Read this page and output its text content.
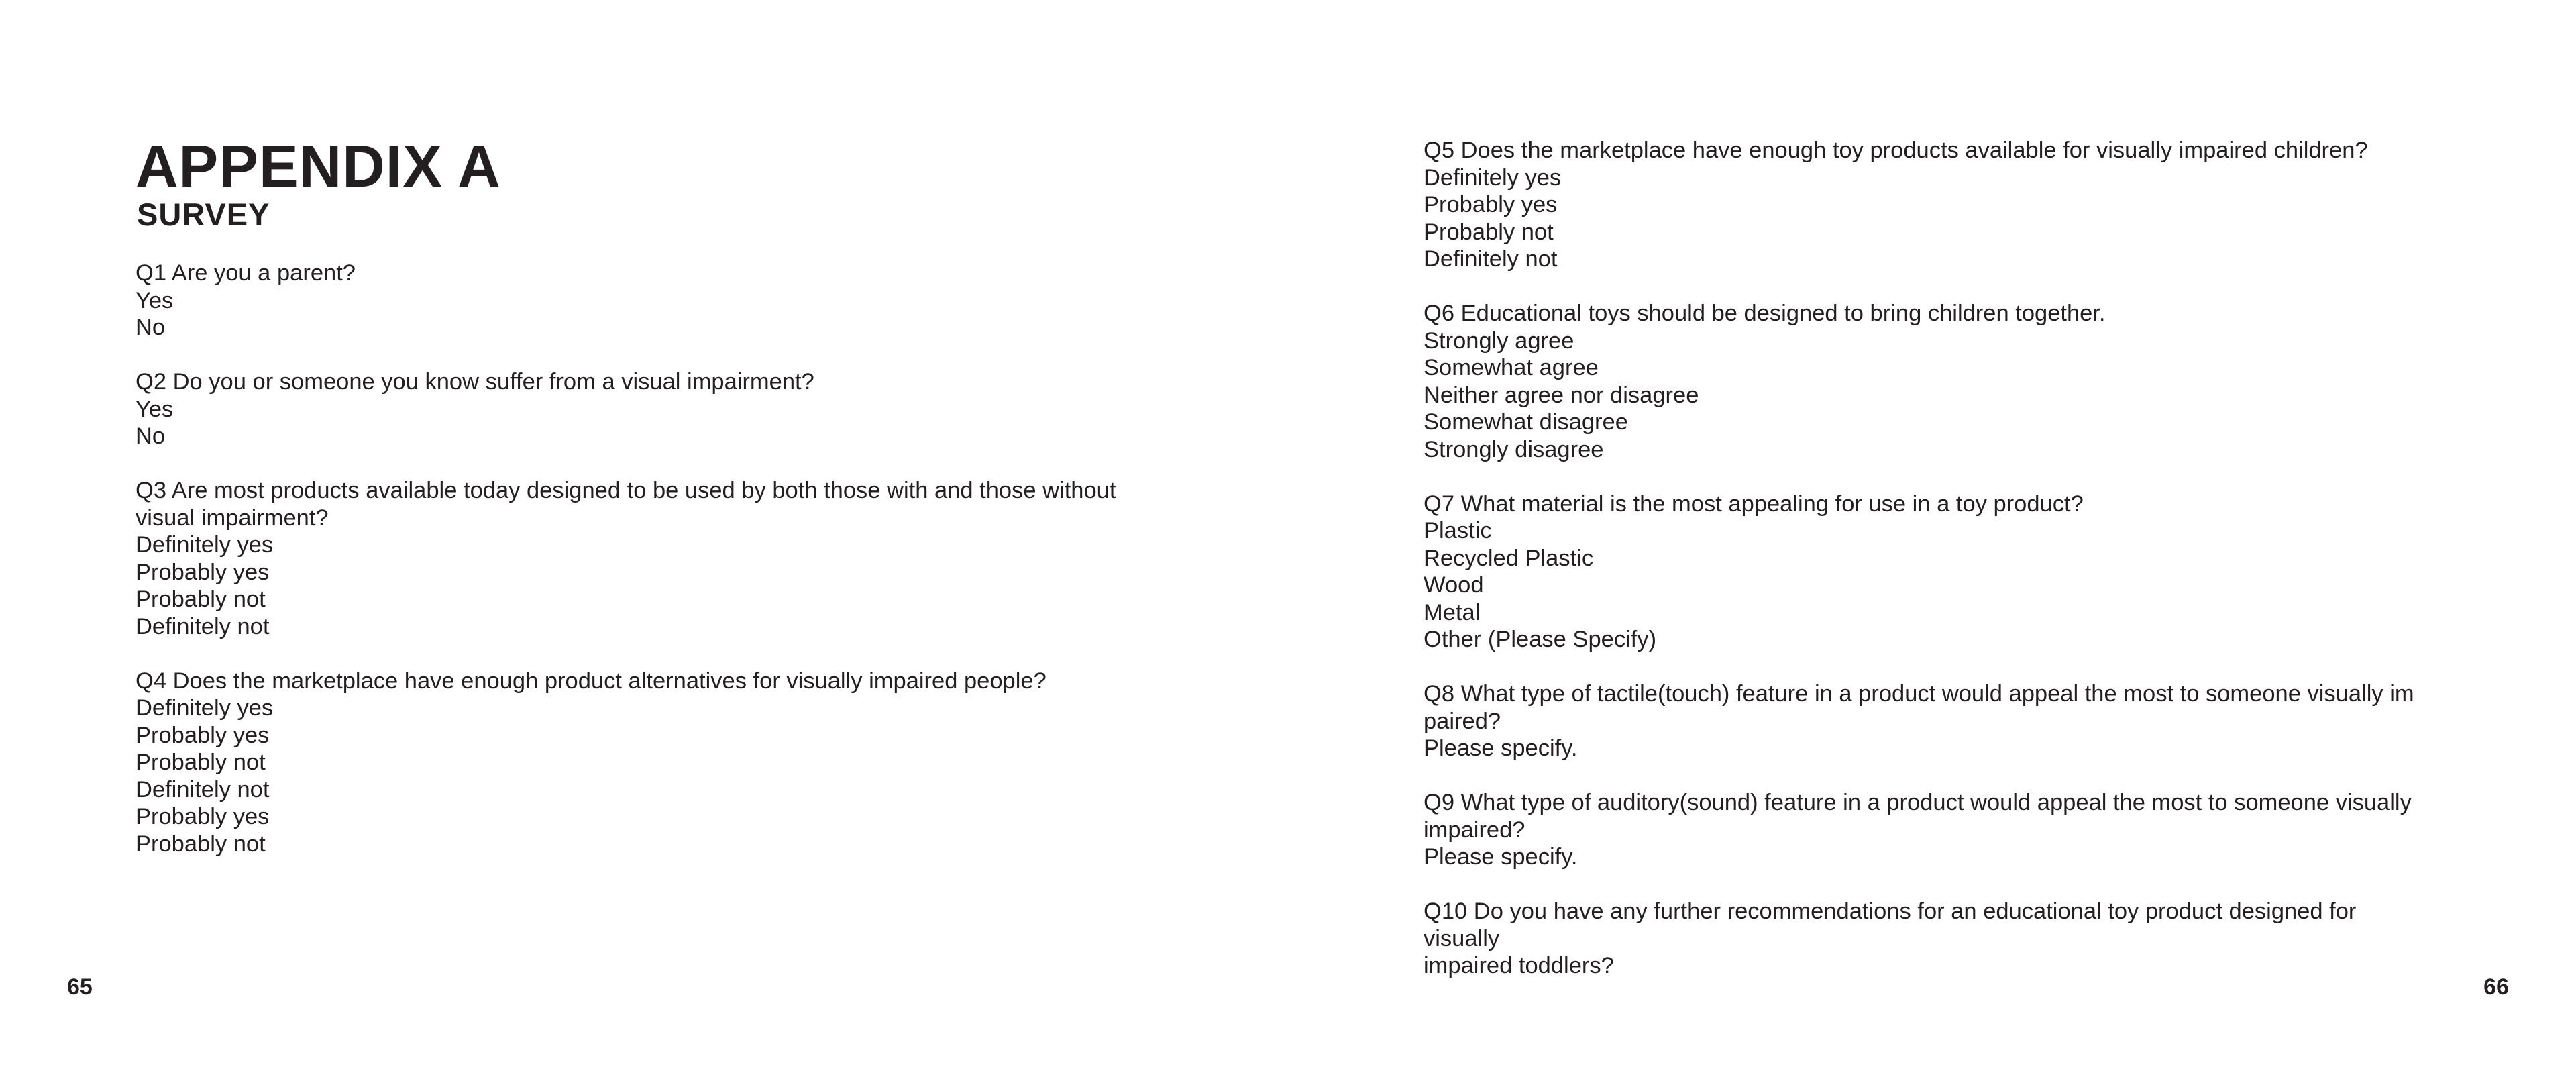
APPENDIX A
SURVEY
Q1 Are you a parent?
Yes
No
Q2 Do you or someone you know suffer from a visual impairment?
Yes
No
Q3 Are most products available today designed to be used by both those with and those without
visual impairment?
Definitely yes
Probably yes
Probably not
Definitely not
Q4 Does the marketplace have enough product alternatives for visually impaired people?
Definitely yes
Probably yes
Probably not
Definitely not
Probably yes
Probably not
65
Q5 Does the marketplace have enough toy products available for visually impaired children?
Definitely yes
Probably yes
Probably not
Definitely not
Q6 Educational toys should be designed to bring children together.
Strongly agree
Somewhat agree
Neither agree nor disagree
Somewhat disagree
Strongly disagree
Q7 What material is the most appealing for use in a toy product?
Plastic
Recycled Plastic
Wood
Metal
Other (Please Specify)
Q8 What type of tactile(touch) feature in a product would appeal the most to someone visually im
paired?
Please specify.
Q9 What type of auditory(sound) feature in a product would appeal the most to someone visually
impaired?
Please specify.
Q10 Do you have any further recommendations for an educational toy product designed for visually
impaired toddlers?
66
